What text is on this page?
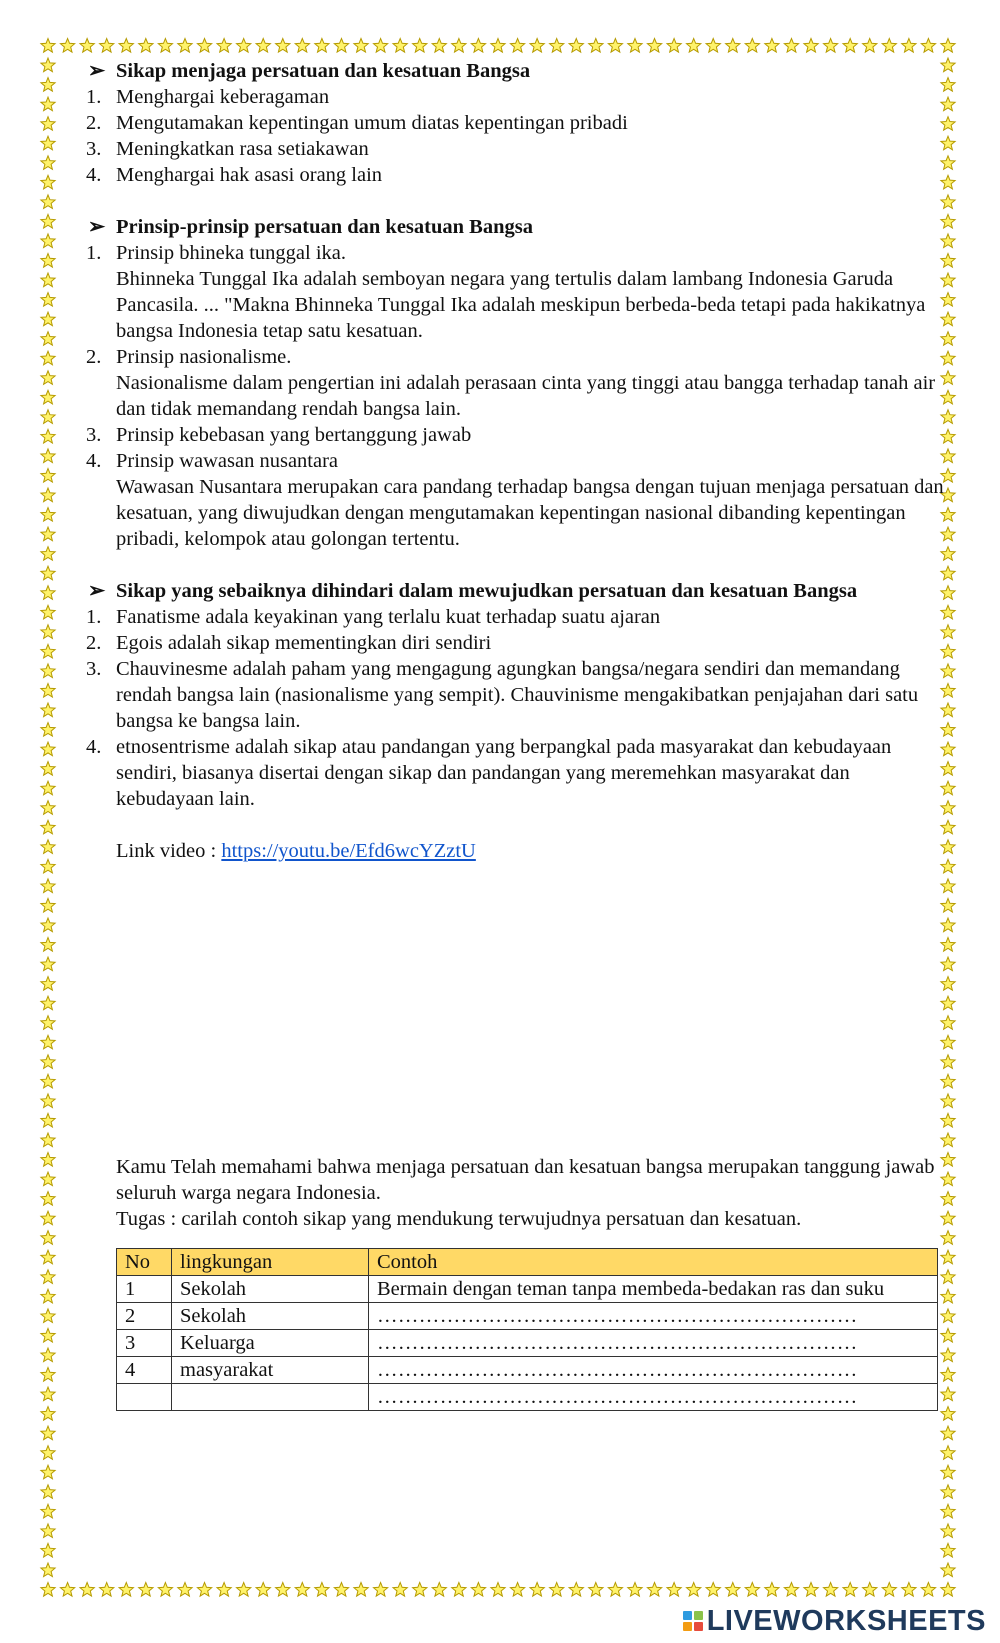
➢ Sikap menjaga persatuan dan kesatuan Bangsa
1. Menghargai keberagaman
2. Mengutamakan kepentingan umum diatas kepentingan pribadi
3. Meningkatkan rasa setiakawan
4. Menghargai hak asasi orang lain
➢ Prinsip-prinsip persatuan dan kesatuan Bangsa
1. Prinsip bhineka tunggal ika.
Bhinneka Tunggal Ika adalah semboyan negara yang tertulis dalam lambang Indonesia Garuda Pancasila. ... "Makna Bhinneka Tunggal Ika adalah meskipun berbeda-beda tetapi pada hakikatnya bangsa Indonesia tetap satu kesatuan.
2. Prinsip nasionalisme.
Nasionalisme dalam pengertian ini adalah perasaan cinta yang tinggi atau bangga terhadap tanah air dan tidak memandang rendah bangsa lain.
3. Prinsip kebebasan yang bertanggung jawab
4. Prinsip wawasan nusantara
Wawasan Nusantara merupakan cara pandang terhadap bangsa dengan tujuan menjaga persatuan dan kesatuan, yang diwujudkan dengan mengutamakan kepentingan nasional dibanding kepentingan pribadi, kelompok atau golongan tertentu.
➢ Sikap yang sebaiknya dihindari dalam mewujudkan persatuan dan kesatuan Bangsa
1. Fanatisme adala keyakinan yang terlalu kuat terhadap suatu ajaran
2. Egois adalah sikap mementingkan diri sendiri
3. Chauvinesme adalah paham yang mengagung agungkan bangsa/negara sendiri dan memandang rendah bangsa lain (nasionalisme yang sempit). Chauvinisme mengakibatkan penjajahan dari satu bangsa ke bangsa lain.
4. etnosentrisme adalah sikap atau pandangan yang berpangkal pada masyarakat dan kebudayaan sendiri, biasanya disertai dengan sikap dan pandangan yang meremehkan masyarakat dan kebudayaan lain.
Link video : https://youtu.be/Efd6wcYZztU
Kamu Telah memahami bahwa menjaga persatuan dan kesatuan bangsa merupakan tanggung jawab seluruh warga negara Indonesia.
Tugas : carilah contoh sikap yang mendukung terwujudnya persatuan dan kesatuan.
No	lingkungan	Contoh
1	Sekolah	Bermain dengan teman tanpa membeda-bedakan ras dan suku
2	Sekolah	……………………………………………………………
3	Keluarga	……………………………………………………………
4	masyarakat	……………………………………………………………
		……………………………………………………………
LIVEWORKSHEETS
